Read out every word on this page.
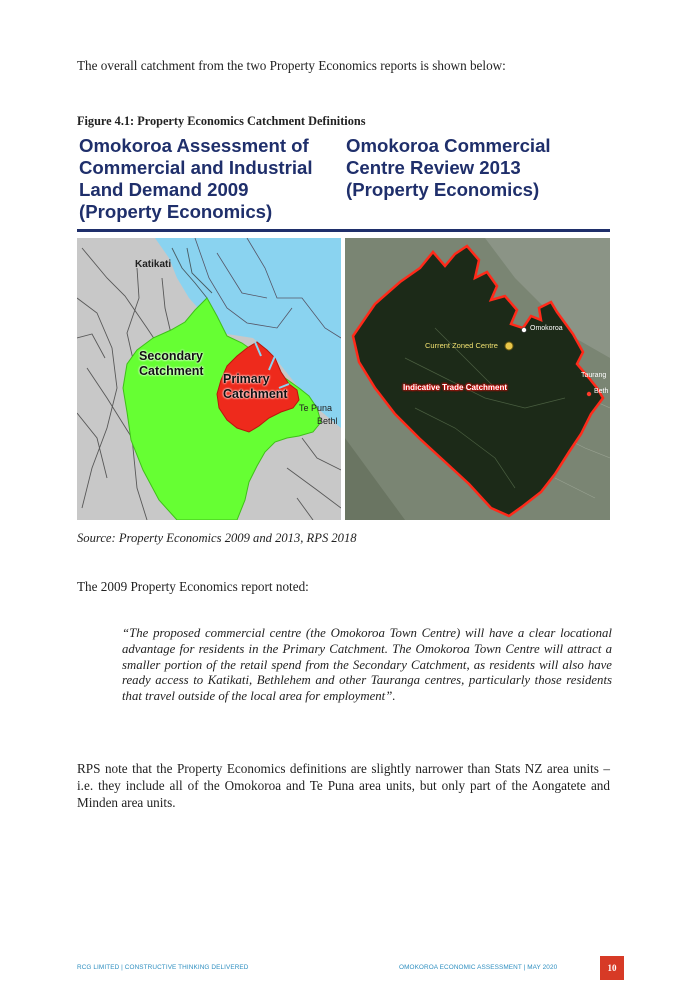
The overall catchment from the two Property Economics reports is shown below:
Figure 4.1: Property Economics Catchment Definitions
Omokoroa Assessment of
Commercial and Industrial
Land Demand 2009
(Property Economics)
Omokoroa Commercial
Centre Review 2013
(Property Economics)
Katikati
Secondary
Catchment
Primary
Catchment
Te Puna
Bethl
Omokoroa
Current Zoned Centre
Indicative Trade Catchment
Taurang
Beth
Source: Property Economics 2009 and 2013, RPS 2018
The 2009 Property Economics report noted:
“The proposed commercial centre (the Omokoroa Town Centre) will have a clear locational advantage for residents in the Primary Catchment. The Omokoroa Town Centre will attract a smaller portion of the retail spend from the Secondary Catchment, as residents will also have ready access to Katikati, Bethlehem and other Tauranga centres, particularly those residents that travel outside of the local area for employment”.
RPS note that the Property Economics definitions are slightly narrower than Stats NZ area units – i.e. they include all of the Omokoroa and Te Puna area units, but only part of the Aongatete and Minden area units.
RCG LIMITED | CONSTRUCTIVE THINKING DELIVERED	OMOKOROA ECONOMIC ASSESSMENT | MAY 2020	10
